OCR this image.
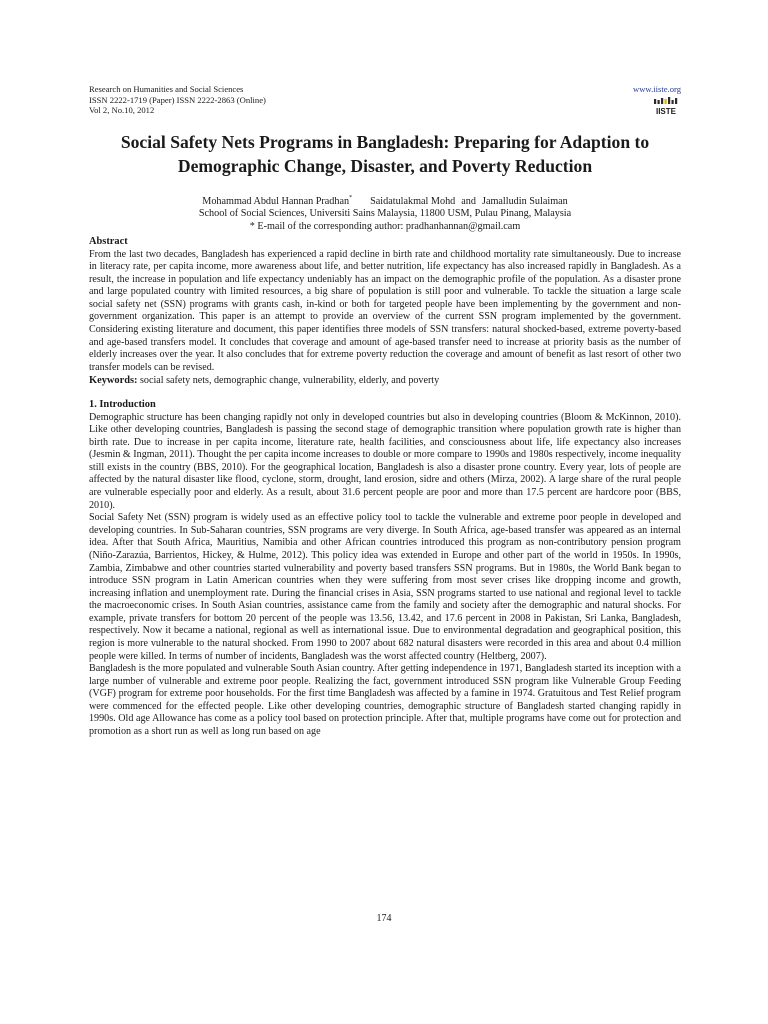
Research on Humanities and Social Sciences
ISSN 2222-1719 (Paper) ISSN 2222-2863 (Online)
Vol 2, No.10, 2012
www.iiste.org
IISTE
Social Safety Nets Programs in Bangladesh: Preparing for Adaption to Demographic Change, Disaster, and Poverty Reduction
Mohammad Abdul Hannan Pradhan* Saidatulakmal Mohd and Jamalludin Sulaiman
School of Social Sciences, Universiti Sains Malaysia, 11800 USM, Pulau Pinang, Malaysia
* E-mail of the corresponding author: pradhanhannan@gmail.cam
Abstract

From the last two decades, Bangladesh has experienced a rapid decline in birth rate and childhood mortality rate simultaneously. Due to increase in literacy rate, per capita income, more awareness about life, and better nutrition, life expectancy has also increased rapidly in Bangladesh. As a result, the increase in population and life expectancy undeniably has an impact on the demographic profile of the population. As a disaster prone and large populated country with limited resources, a big share of population is still poor and vulnerable. To tackle the situation a large scale social safety net (SSN) programs with grants cash, in-kind or both for targeted people have been implementing by the government and non-government organization. This paper is an attempt to provide an overview of the current SSN program implemented by the government. Considering existing literature and document, this paper identifies three models of SSN transfers: natural shocked-based, extreme poverty-based and age-based transfers model. It concludes that coverage and amount of age-based transfer need to increase at priority basis as the number of elderly increases over the year. It also concludes that for extreme poverty reduction the coverage and amount of benefit as last resort of other two transfer models can be revised.

Keywords: social safety nets, demographic change, vulnerability, elderly, and poverty
1. Introduction

Demographic structure has been changing rapidly not only in developed countries but also in developing countries (Bloom & McKinnon, 2010). Like other developing countries, Bangladesh is passing the second stage of demographic transition where population growth rate is higher than birth rate. Due to increase in per capita income, literature rate, health facilities, and consciousness about life, life expectancy also increases (Jesmin & Ingman, 2011). Thought the per capita income increases to double or more compare to 1990s and 1980s respectively, income inequality still exists in the country (BBS, 2010). For the geographical location, Bangladesh is also a disaster prone country. Every year, lots of people are affected by the natural disaster like flood, cyclone, storm, drought, land erosion, sidre and others (Mirza, 2002). A large share of the rural people are vulnerable especially poor and elderly. As a result, about 31.6 percent people are poor and more than 17.5 percent are hardcore poor (BBS, 2010).

Social Safety Net (SSN) program is widely used as an effective policy tool to tackle the vulnerable and extreme poor people in developed and developing countries. In Sub-Saharan countries, SSN programs are very diverge. In South Africa, age-based transfer was appeared as an internal idea. After that South Africa, Mauritius, Namibia and other African countries introduced this program as non-contributory pension program (Niño-Zarazúa, Barrientos, Hickey, & Hulme, 2012). This policy idea was extended in Europe and other part of the world in 1950s. In 1990s, Zambia, Zimbabwe and other countries started vulnerability and poverty based transfers SSN programs. But in 1980s, the World Bank began to introduce SSN program in Latin American countries when they were suffering from most sever crises like dropping income and growth, increasing inflation and unemployment rate. During the financial crises in Asia, SSN programs started to use national and regional level to tackle the macroeconomic crises. In South Asian countries, assistance came from the family and society after the demographic and natural shocks. For example, private transfers for bottom 20 percent of the people was 13.56, 13.42, and 17.6 percent in 2008 in Pakistan, Sri Lanka, Bangladesh, respectively. Now it became a national, regional as well as international issue. Due to environmental degradation and geographical position, this region is more vulnerable to the natural shocked. From 1990 to 2007 about 682 natural disasters were recorded in this area and about 0.4 million people were killed. In terms of number of incidents, Bangladesh was the worst affected country (Heltberg, 2007).

Bangladesh is the more populated and vulnerable South Asian country. After getting independence in 1971, Bangladesh started its inception with a large number of vulnerable and extreme poor people. Realizing the fact, government introduced SSN program like Vulnerable Group Feeding (VGF) program for extreme poor households. For the first time Bangladesh was affected by a famine in 1974. Gratuitous and Test Relief program were commenced for the effected people. Like other developing countries, demographic structure of Bangladesh started changing rapidly in 1990s. Old age Allowance has come as a policy tool based on protection principle. After that, multiple programs have come out for protection and promotion as a short run as well as long run based on age

174
